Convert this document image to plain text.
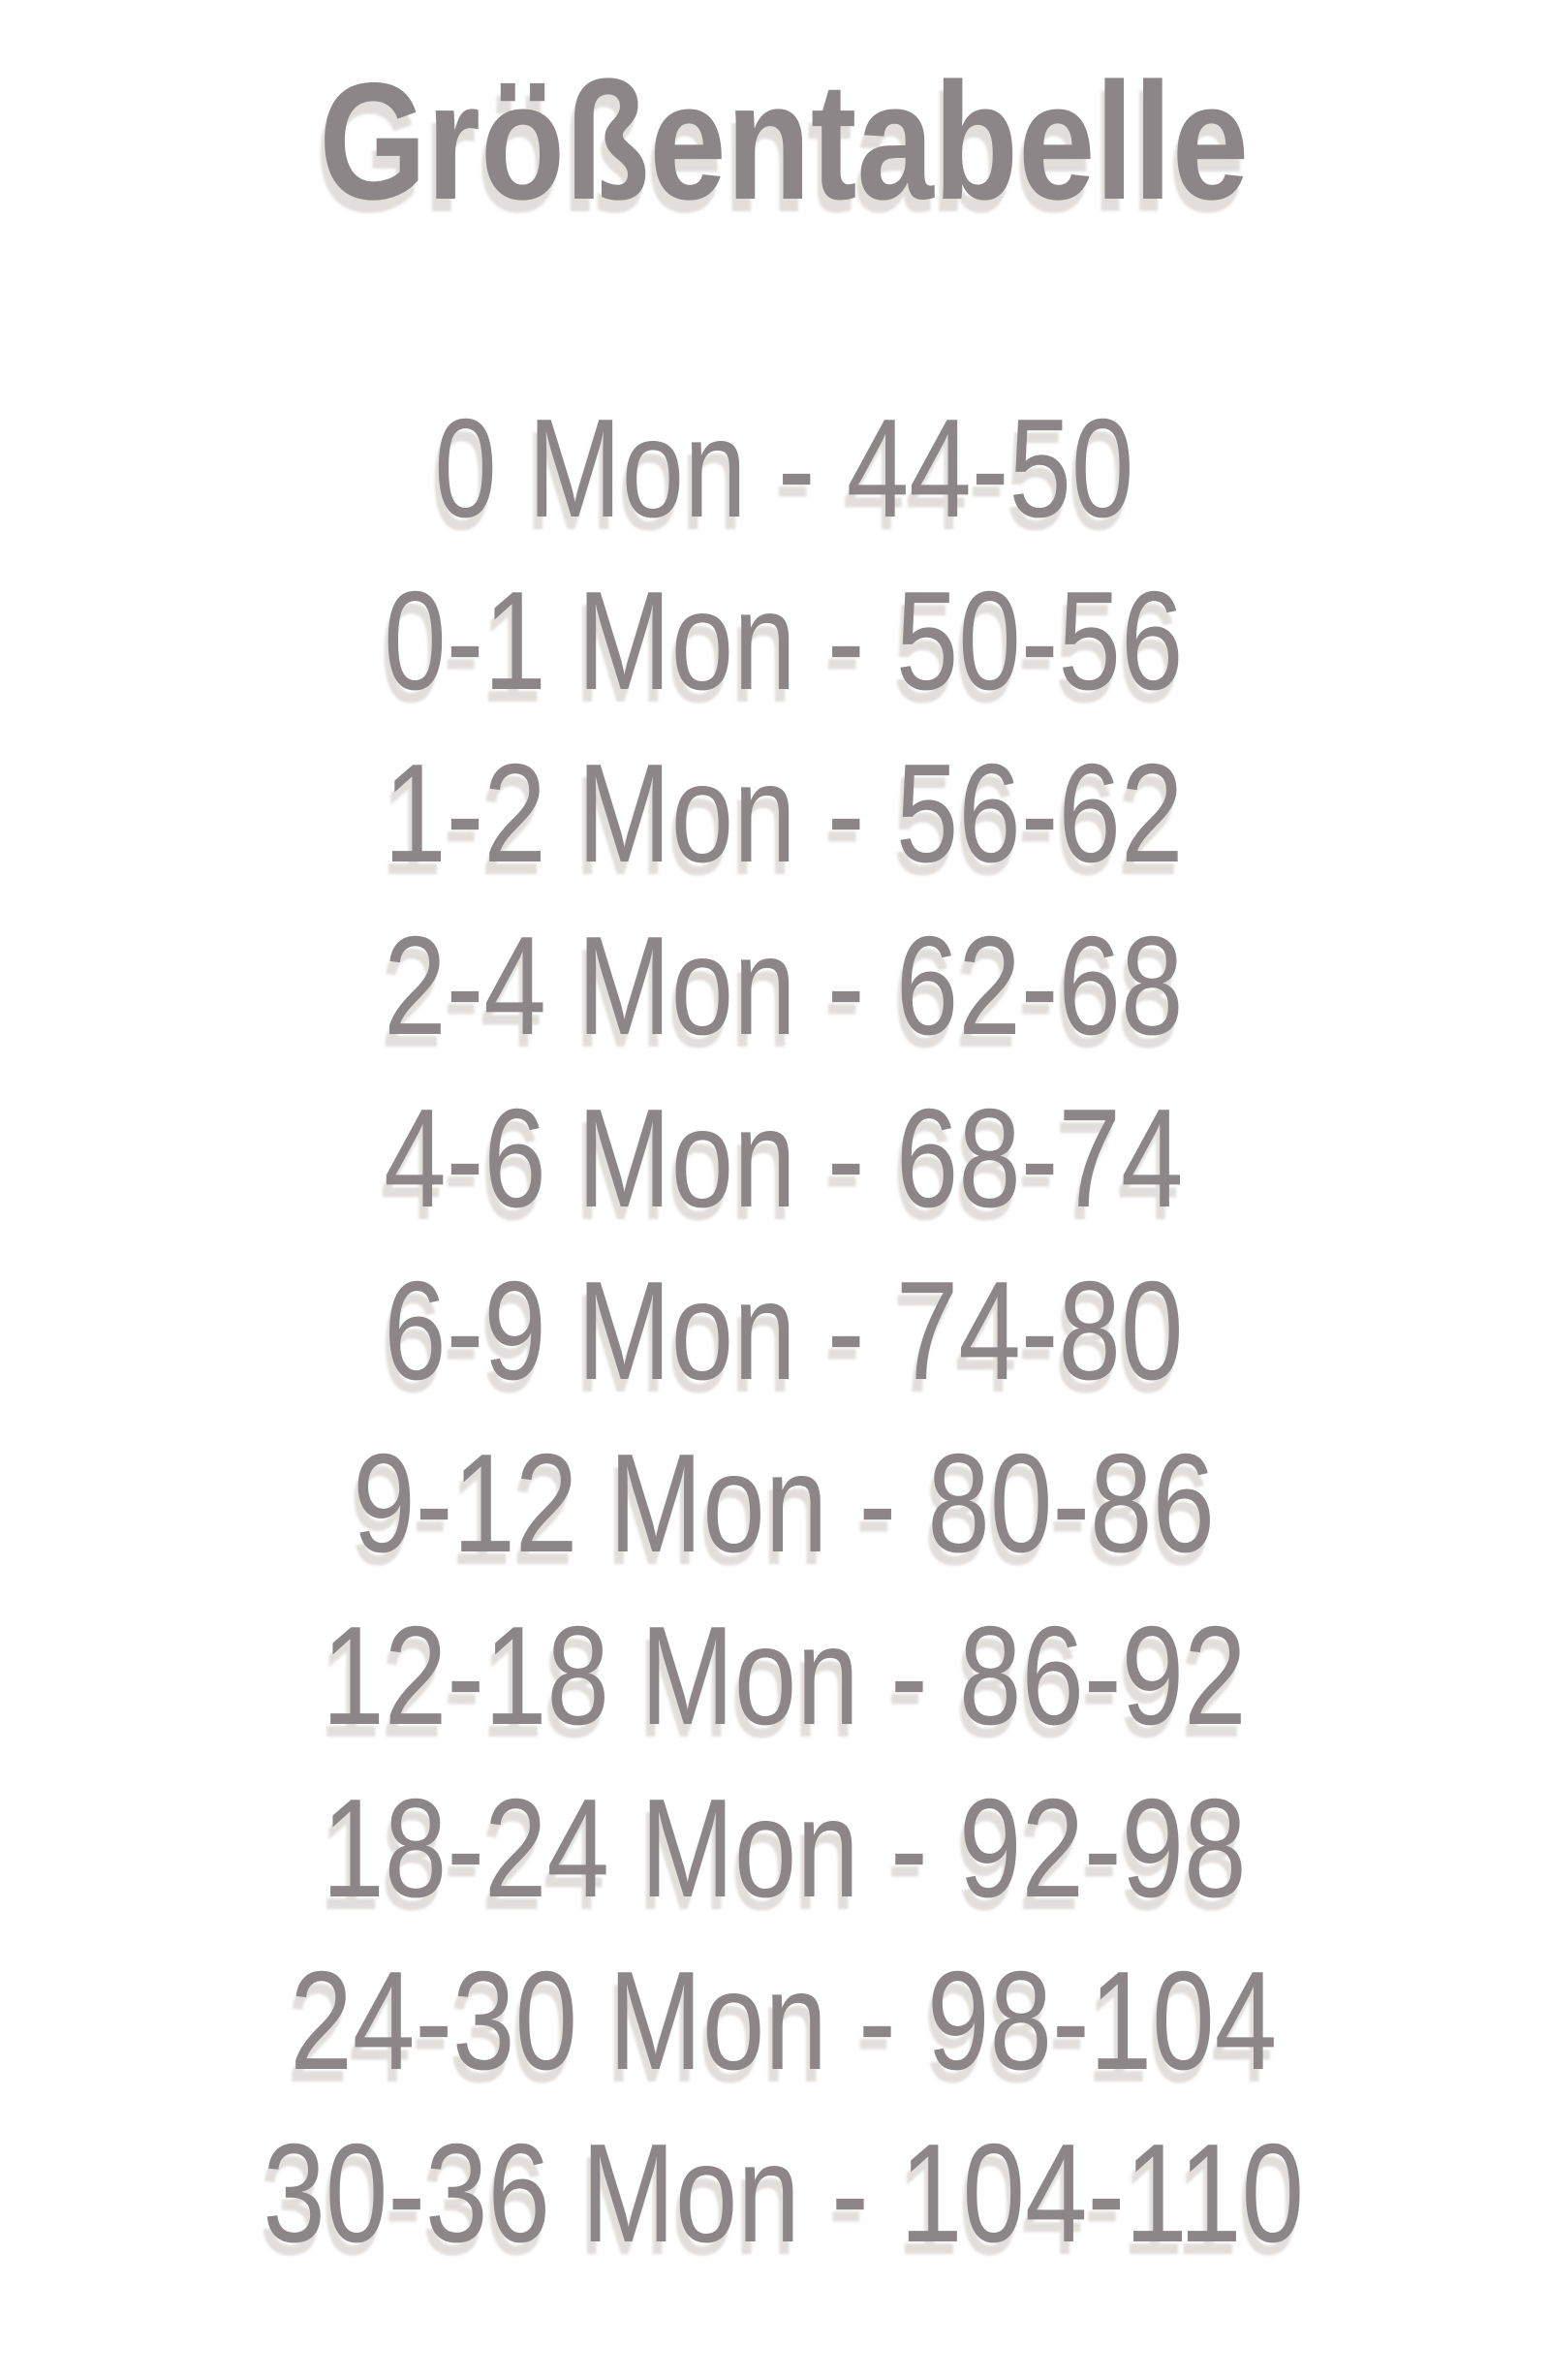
Größentabelle
0 Mon - 44-50
0-1 Mon - 50-56
1-2 Mon - 56-62
2-4 Mon - 62-68
4-6 Mon - 68-74
6-9 Mon - 74-80
9-12 Mon - 80-86
12-18 Mon - 86-92
18-24 Mon - 92-98
24-30 Mon - 98-104
30-36 Mon - 104-110
